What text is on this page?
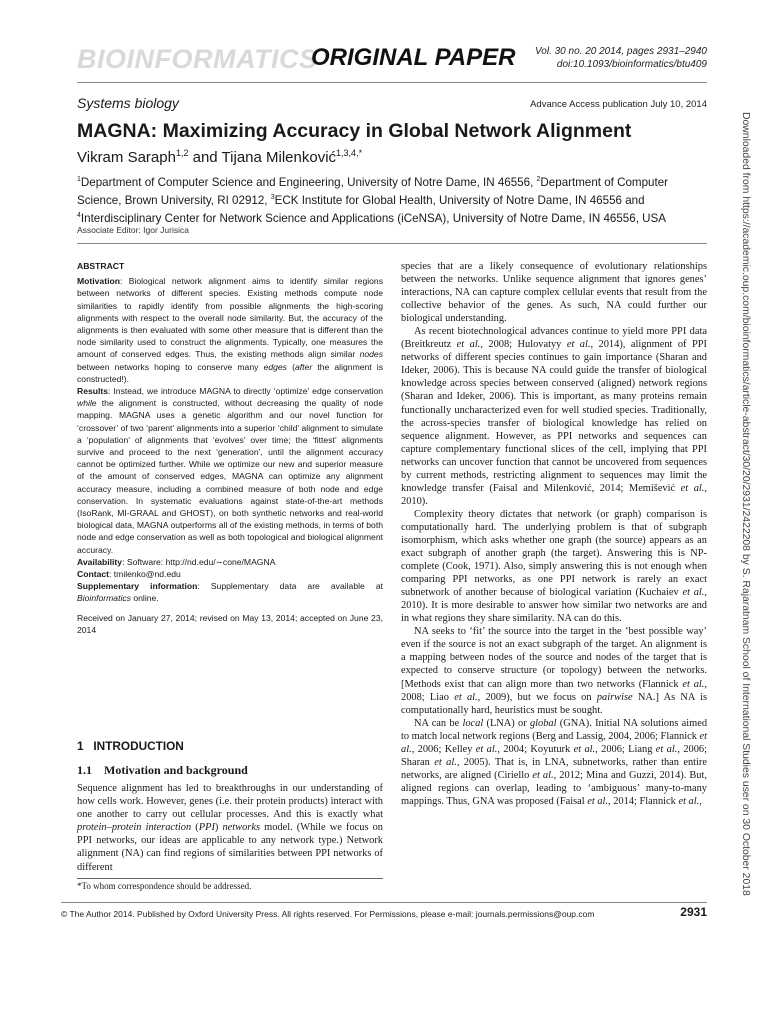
BIOINFORMATICS
ORIGINAL PAPER Vol. 30 no. 20 2014, pages 2931–2940
doi:10.1093/bioinformatics/btu409
Systems biology	Advance Access publication July 10, 2014
MAGNA: Maximizing Accuracy in Global Network Alignment
Vikram Saraph$^{1,2}$ and Tijana Milenković$^{1,3,4,*}$

$^1$Department of Computer Science and Engineering, University of Notre Dame, IN 46556, $^2$Department of Computer

Science, Brown University, RI 02912, $^3$ECK Institute for Global Health, University of Notre Dame, IN 46556 and

$^4$Interdisciplinary Center for Network Science and Applications (iCeNSA), University of Notre Dame, IN 46556, USA

Associate Editor: Igor Jurisica

ABSTRACT

Motivation: Biological network alignment aims to identify similar regions between networks of different species. Existing methods compute node similarities to rapidly identify from possible alignments the high-scoring alignments with respect to the overall node similarity. But, the accuracy of the alignments is then evaluated with some other measure that is different than the node similarity used to construct the alignments. Typically, one measures the amount of conserved edges. Thus, the existing methods align similar nodes between networks hoping to conserve many edges (after the alignment is constructed!).

Results: Instead, we introduce MAGNA to directly ‘optimize’ edge conservation while the alignment is constructed, without decreasing the quality of node mapping. MAGNA uses a genetic algorithm and our novel function for ‘crossover’ of two ‘parent’ alignments into a superior ‘child’ alignment to simulate a ‘population’ of alignments that ‘evolves’ over time; the ‘fittest’ alignments survive and proceed to the next ‘generation’, until the alignment accuracy cannot be optimized further. While we optimize our new and superior measure of the amount of conserved edges, MAGNA can optimize any alignment accuracy measure, including a combined measure of both node and edge conservation. In systematic evaluations against state-of-the-art methods (IsoRank, MI-GRAAL and GHOST), on both synthetic networks and real-world biological data, MAGNA outperforms all of the existing methods, in terms of both node and edge conservation as well as both topological and biological alignment accuracy.

Availability: Software: http://nd.edu/∼cone/MAGNA

Contact: tmilenko@nd.edu

Supplementary information: Supplementary data are available at Bioinformatics online.

Received on January 27, 2014; revised on May 13, 2014; accepted on June 23, 2014

1   INTRODUCTION
1.1    Motivation and background

Sequence alignment has led to breakthroughs in our understanding of how cells work. However, genes (i.e. their protein products) interact with one another to carry out cellular processes. And this is exactly what protein–protein interaction (PPI) networks model. (While we focus on PPI networks, our ideas are applicable to any network type.) Network alignment (NA) can find regions of similarities between PPI networks of different

*To whom correspondence should be addressed.

species that are a likely consequence of evolutionary relationships between the networks. Unlike sequence alignment that ignores genes’ interactions, NA can capture complex cellular events that result from the collective behavior of the genes. As such, NA could further our biological understanding.

As recent biotechnological advances continue to yield more PPI data (Breitkreutz et al., 2008; Hulovatyy et al., 2014), alignment of PPI networks of different species continues to gain importance (Sharan and Ideker, 2006). This is because NA could guide the transfer of biological knowledge across species between conserved (aligned) network regions (Sharan and Ideker, 2006). This is important, as many proteins remain functionally uncharacterized even for well studied species. Traditionally, the across-species transfer of biological knowledge has relied on sequence alignment. However, as PPI networks and sequences can capture complementary functional slices of the cell, implying that PPI networks can uncover function that cannot be uncovered from sequences by current methods, restricting alignment to sequences may limit the knowledge transfer (Faisal and Milenković, 2014; Memišević et al., 2010).

Complexity theory dictates that network (or graph) comparison is computationally hard. The underlying problem is that of subgraph isomorphism, which asks whether one graph (the source) appears as an exact subgraph of another graph (the target). Answering this is NP-complete (Cook, 1971). Also, simply answering this is not enough when comparing PPI networks, as one PPI network is rarely an exact subnetwork of another because of biological variation (Kuchaiev et al., 2010). It is more desirable to answer how similar two networks are and in what regions they share similarity. NA can do this.

NA seeks to ‘fit’ the source into the target in the ‘best possible way’ even if the source is not an exact subgraph of the target. An alignment is a mapping between nodes of the source and nodes of the target that is expected to conserve structure (or topology) between the networks. [Methods exist that can align more than two networks (Flannick et al., 2008; Liao et al., 2009), but we focus on pairwise NA.] As NA is computationally hard, heuristics must be sought.

NA can be local (LNA) or global (GNA). Initial NA solutions aimed to match local network regions (Berg and Lassig, 2004, 2006; Flannick et al., 2006; Kelley et al., 2004; Koyuturk et al., 2006; Liang et al., 2006; Sharan et al., 2005). That is, in LNA, subnetworks, rather than entire networks, are aligned (Ciriello et al., 2012; Mina and Guzzi, 2014). But, aligned regions can overlap, leading to ‘ambiguous’ many-to-many mappings. Thus, GNA was proposed (Faisal et al., 2014; Flannick et al.,

© The Author 2014. Published by Oxford University Press. All rights reserved. For Permissions, please e-mail: journals.permissions@oup.com	2931
Downloaded from https://academic.oup.com/bioinformatics/article-abstract/30/20/2931/2422208 by S. Rajaratnam School of International Studies user on 30 October 2018
